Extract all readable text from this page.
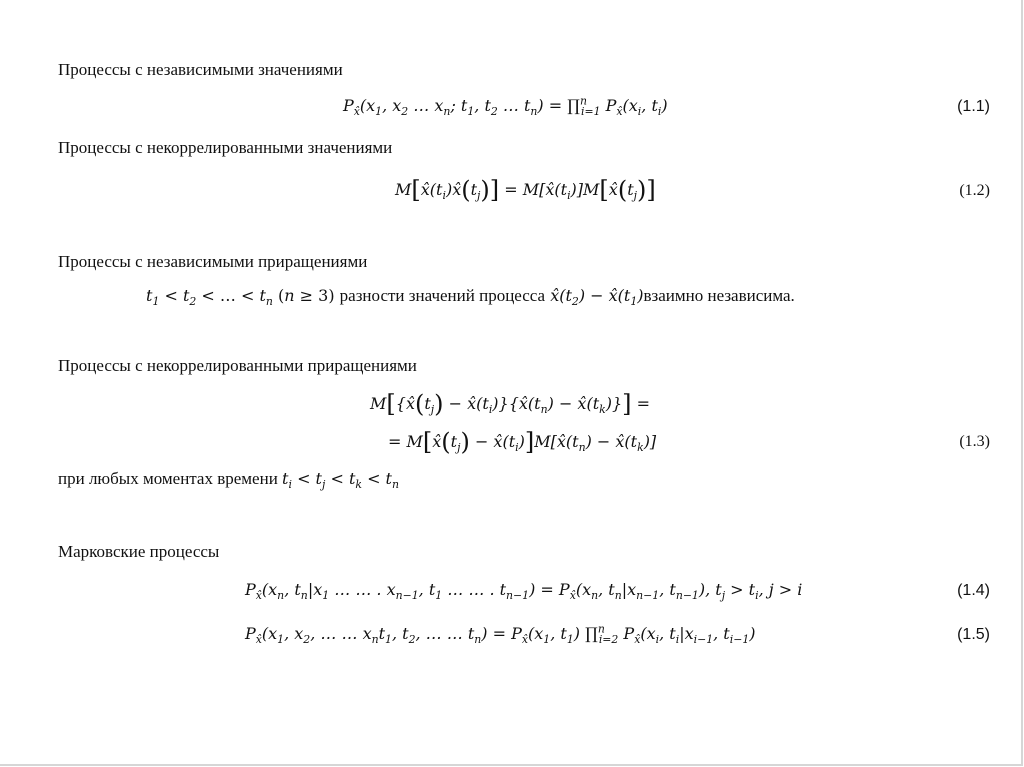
Процессы с независимыми значениями
$P_{x̂}(x_1$, $x_2$ … $x_n$; $t_1$, $t_2$ … $t_n$) = ∏$^n_{i=1}$ $P_{x̂}(x_i$, $t_i$)	(1.1)
Процессы с некоррелированными значениями
$M[x̂(t_i)x̂(t_j)]$ = $M[x̂(t_i)]M[x̂(t_j)]$	(1.2)
Процессы с независимыми приращениями
$t_1 < t_2$ < … < $t_n$ (n ≥ 3) разности значений процесса $x̂(t_2)$ − $x̂(t_1)взаимно$ независима.
Процессы с некоррелированными приращениями
$M[\{x̂(t_j)$ − $x̂(t_i)\}\{x̂(t_n)$ − $x̂(t_k)$}] =
= $M[x̂(t_j)$ − $x̂(t_i)]M[x̂(t_n)$ − $x̂(t_k)$]	(1.3)
при любых моментах времени $t_i < t_j < t_k < t_n$
Марковские процессы
$P_{x̂}(x_n$, $t_n|x_1$ … … . $x_{n-1}$, $t_1$ … … . $t_{n-1}) = P_{x̂}(x_n$, $t_n|x_{n-1}$, $t_{n-1}$), $t_j > t_i$, j > i	(1.4)
$P_{x̂}(x_1$, $x_2$, … … $x_nt_1$, $t_2$, … … $t_n) = P_{x̂}(x_1$, $t_1$) ∏$^n_{i=2}$ $P_{x̂}(x_i$, $t_i|x_{i-1}$, $t_{i-1}$)	(1.5)
